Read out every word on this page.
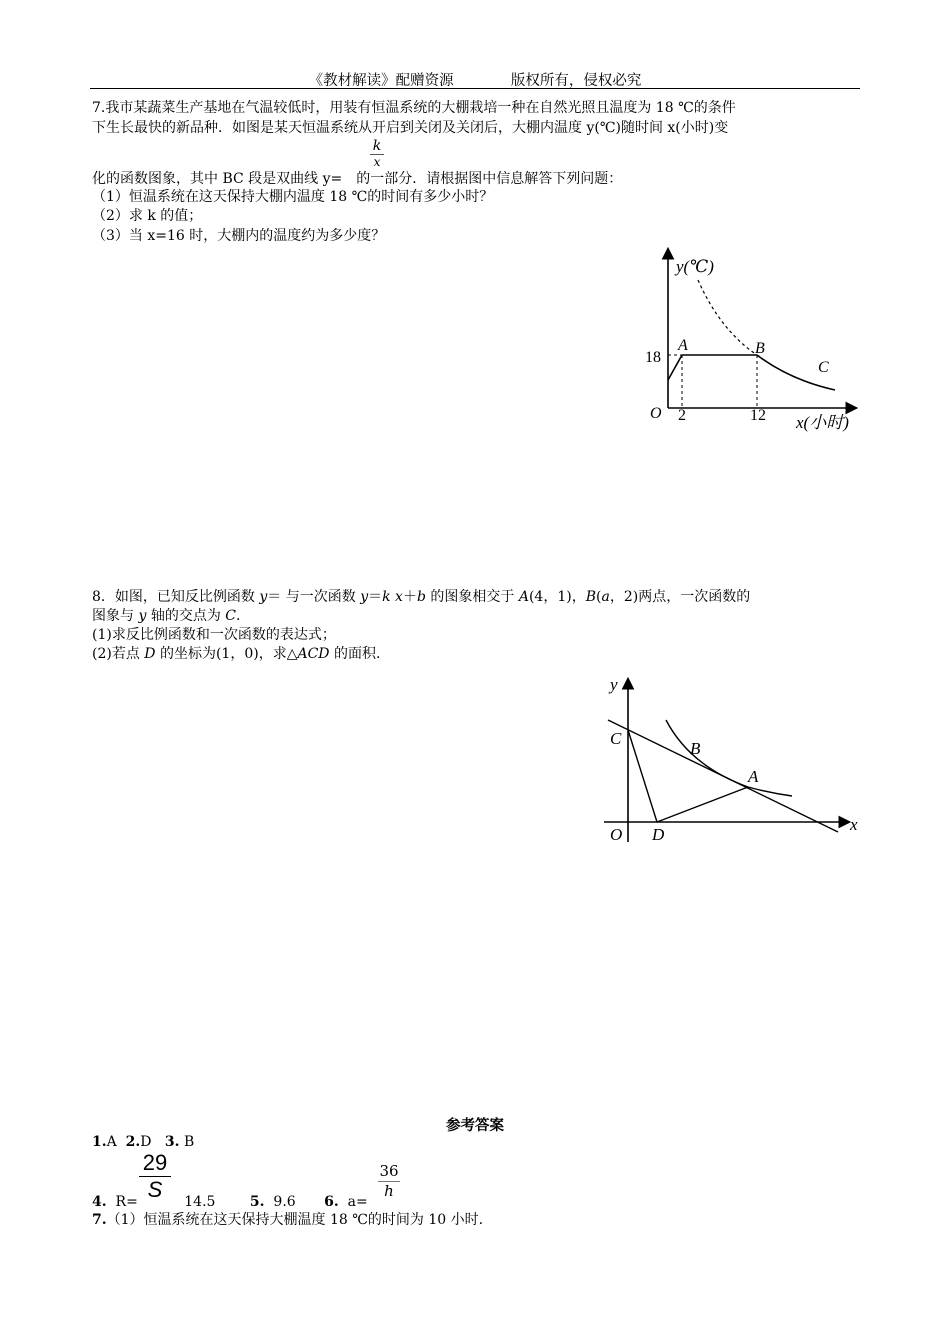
《教材解读》配赠资源	版权所有，侵权必究
7.我市某蔬菜生产基地在气温较低时，用装有恒温系统的大棚栽培一种在自然光照且温度为 18 ℃的条件
下生长最快的新品种．如图是某天恒温系统从开启到关闭及关闭后，大棚内温度 y(℃)随时间 x(小时)变
$\frac{k}{x}$
化的函数图象，其中 BC 段是双曲线 y= 的一部分．请根据图中信息解答下列问题：
（1）恒温系统在这天保持大棚内温度 18 ℃的时间有多少小时？
（2）求 k 的值；
（3）当 x=16 时，大棚内的温度约为多少度？
y(℃)
18
A	B
C
O 2	12 x(小时)
8．如图，已知反比例函数 y＝ 与一次函数 y＝k x＋b 的图象相交于 A(4，1)，B(a，2)两点，一次函数的
图象与 y 轴的交点为 C.
(1)求反比例函数和一次函数的表达式；
(2)若点 D 的坐标为(1，0)，求△ACD 的面积.
y
x
O
C
B
A
D
参考答案
1.A 2.D 3. B
$\frac{29}{S}$	$\frac{36}{h}$
4. R=	14.5 5. 9.6 6. a=
7.（1）恒温系统在这天保持大棚温度 18 ℃的时间为 10 小时.
